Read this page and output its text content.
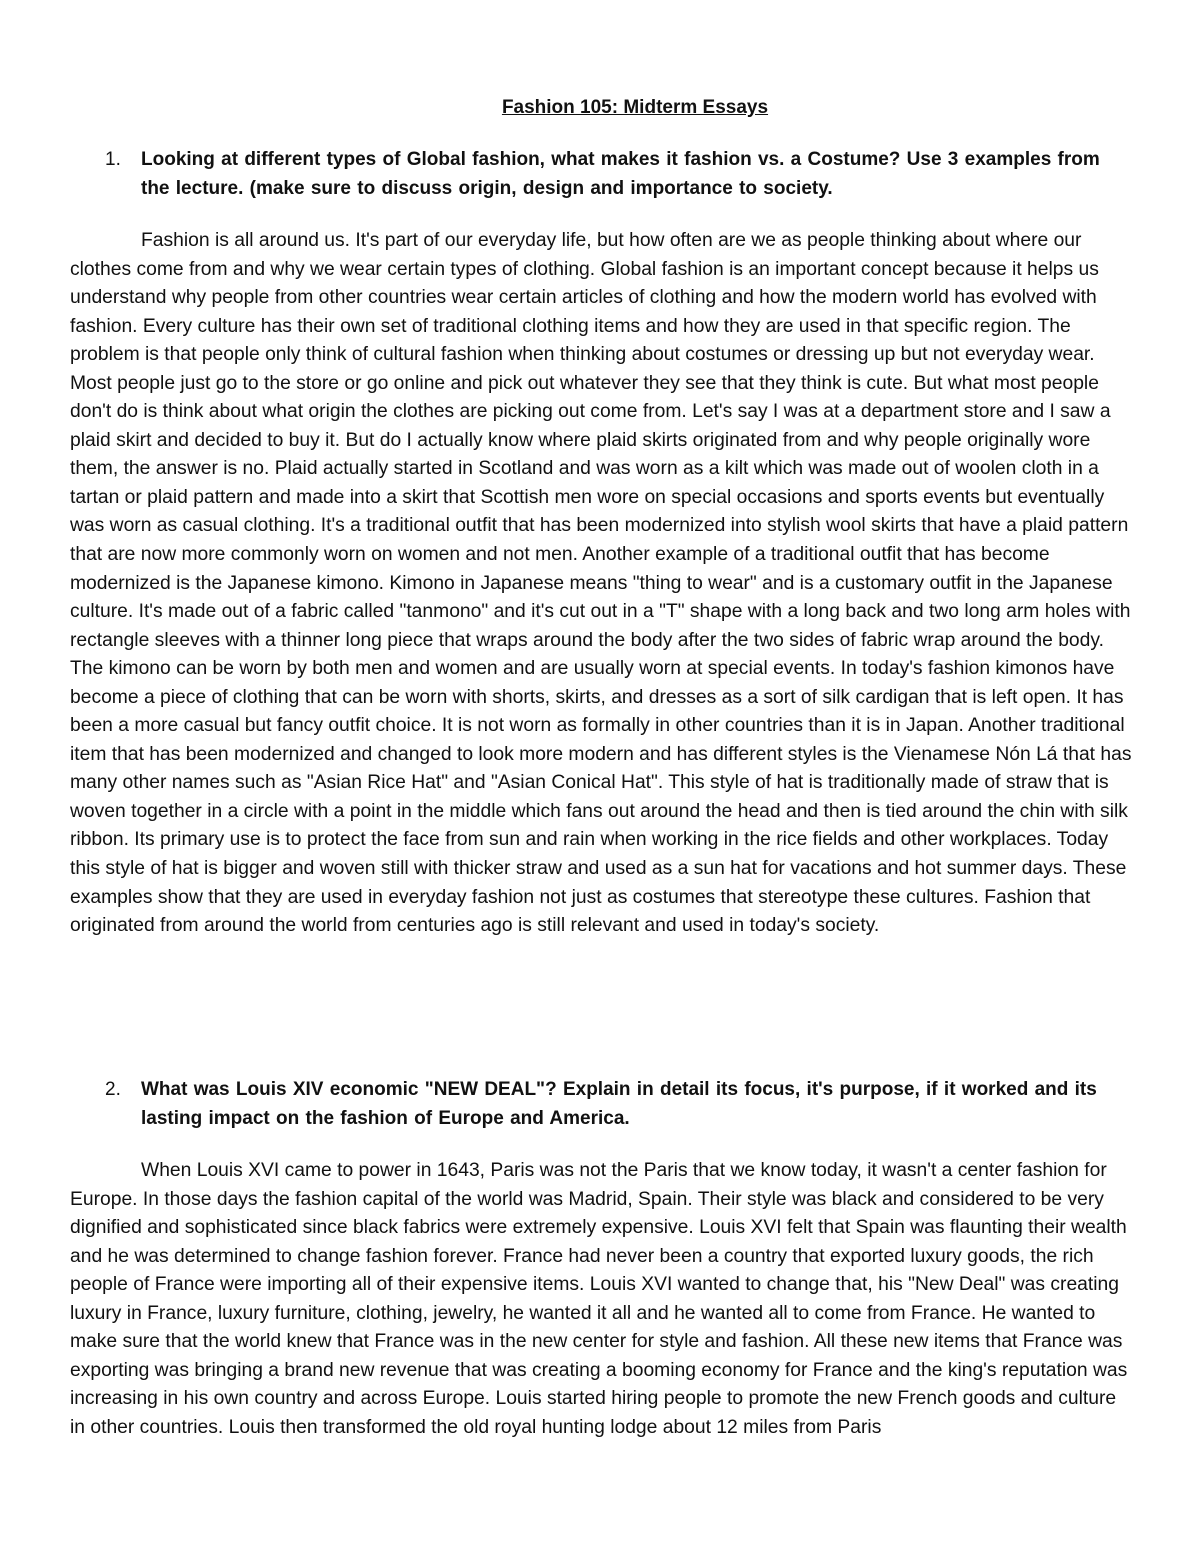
Fashion 105: Midterm Essays
1. Looking at different types of Global fashion, what makes it fashion vs. a Costume? Use 3 examples from the lecture. (make sure to discuss origin, design and importance to society.

Fashion is all around us. It's part of our everyday life, but how often are we as people thinking about where our clothes come from and why we wear certain types of clothing. Global fashion is an important concept because it helps us understand why people from other countries wear certain articles of clothing and how the modern world has evolved with fashion. Every culture has their own set of traditional clothing items and how they are used in that specific region. The problem is that people only think of cultural fashion when thinking about costumes or dressing up but not everyday wear. Most people just go to the store or go online and pick out whatever they see that they think is cute. But what most people don't do is think about what origin the clothes are picking out come from. Let's say I was at a department store and I saw a plaid skirt and decided to buy it. But do I actually know where plaid skirts originated from and why people originally wore them, the answer is no. Plaid actually started in Scotland and was worn as a kilt which was made out of woolen cloth in a tartan or plaid pattern and made into a skirt that Scottish men wore on special occasions and sports events but eventually was worn as casual clothing. It's a traditional outfit that has been modernized into stylish wool skirts that have a plaid pattern that are now more commonly worn on women and not men. Another example of a traditional outfit that has become modernized is the Japanese kimono. Kimono in Japanese means "thing to wear" and is a customary outfit in the Japanese culture. It's made out of a fabric called "tanmono" and it's cut out in a "T" shape with a long back and two long arm holes with rectangle sleeves with a thinner long piece that wraps around the body after the two sides of fabric wrap around the body. The kimono can be worn by both men and women and are usually worn at special events. In today's fashion kimonos have become a piece of clothing that can be worn with shorts, skirts, and dresses as a sort of silk cardigan that is left open. It has been a more casual but fancy outfit choice. It is not worn as formally in other countries than it is in Japan. Another traditional item that has been modernized and changed to look more modern and has different styles is the Vienamese Nón Lá that has many other names such as "Asian Rice Hat" and "Asian Conical Hat". This style of hat is traditionally made of straw that is woven together in a circle with a point in the middle which fans out around the head and then is tied around the chin with silk ribbon. Its primary use is to protect the face from sun and rain when working in the rice fields and other workplaces. Today this style of hat is bigger and woven still with thicker straw and used as a sun hat for vacations and hot summer days. These examples show that they are used in everyday fashion not just as costumes that stereotype these cultures. Fashion that originated from around the world from centuries ago is still relevant and used in today's society.

2. What was Louis XIV economic "NEW DEAL"? Explain in detail its focus, it's purpose, if it worked and its lasting impact on the fashion of Europe and America.

When Louis XVI came to power in 1643, Paris was not the Paris that we know today, it wasn't a center fashion for Europe. In those days the fashion capital of the world was Madrid, Spain. Their style was black and considered to be very dignified and sophisticated since black fabrics were extremely expensive. Louis XVI felt that Spain was flaunting their wealth and he was determined to change fashion forever. France had never been a country that exported luxury goods, the rich people of France were importing all of their expensive items. Louis XVI wanted to change that, his "New Deal" was creating luxury in France, luxury furniture, clothing, jewelry, he wanted it all and he wanted all to come from France. He wanted to make sure that the world knew that France was in the new center for style and fashion. All these new items that France was exporting was bringing a brand new revenue that was creating a booming economy for France and the king's reputation was increasing in his own country and across Europe. Louis started hiring people to promote the new French goods and culture in other countries. Louis then transformed the old royal hunting lodge about 12 miles from Paris
